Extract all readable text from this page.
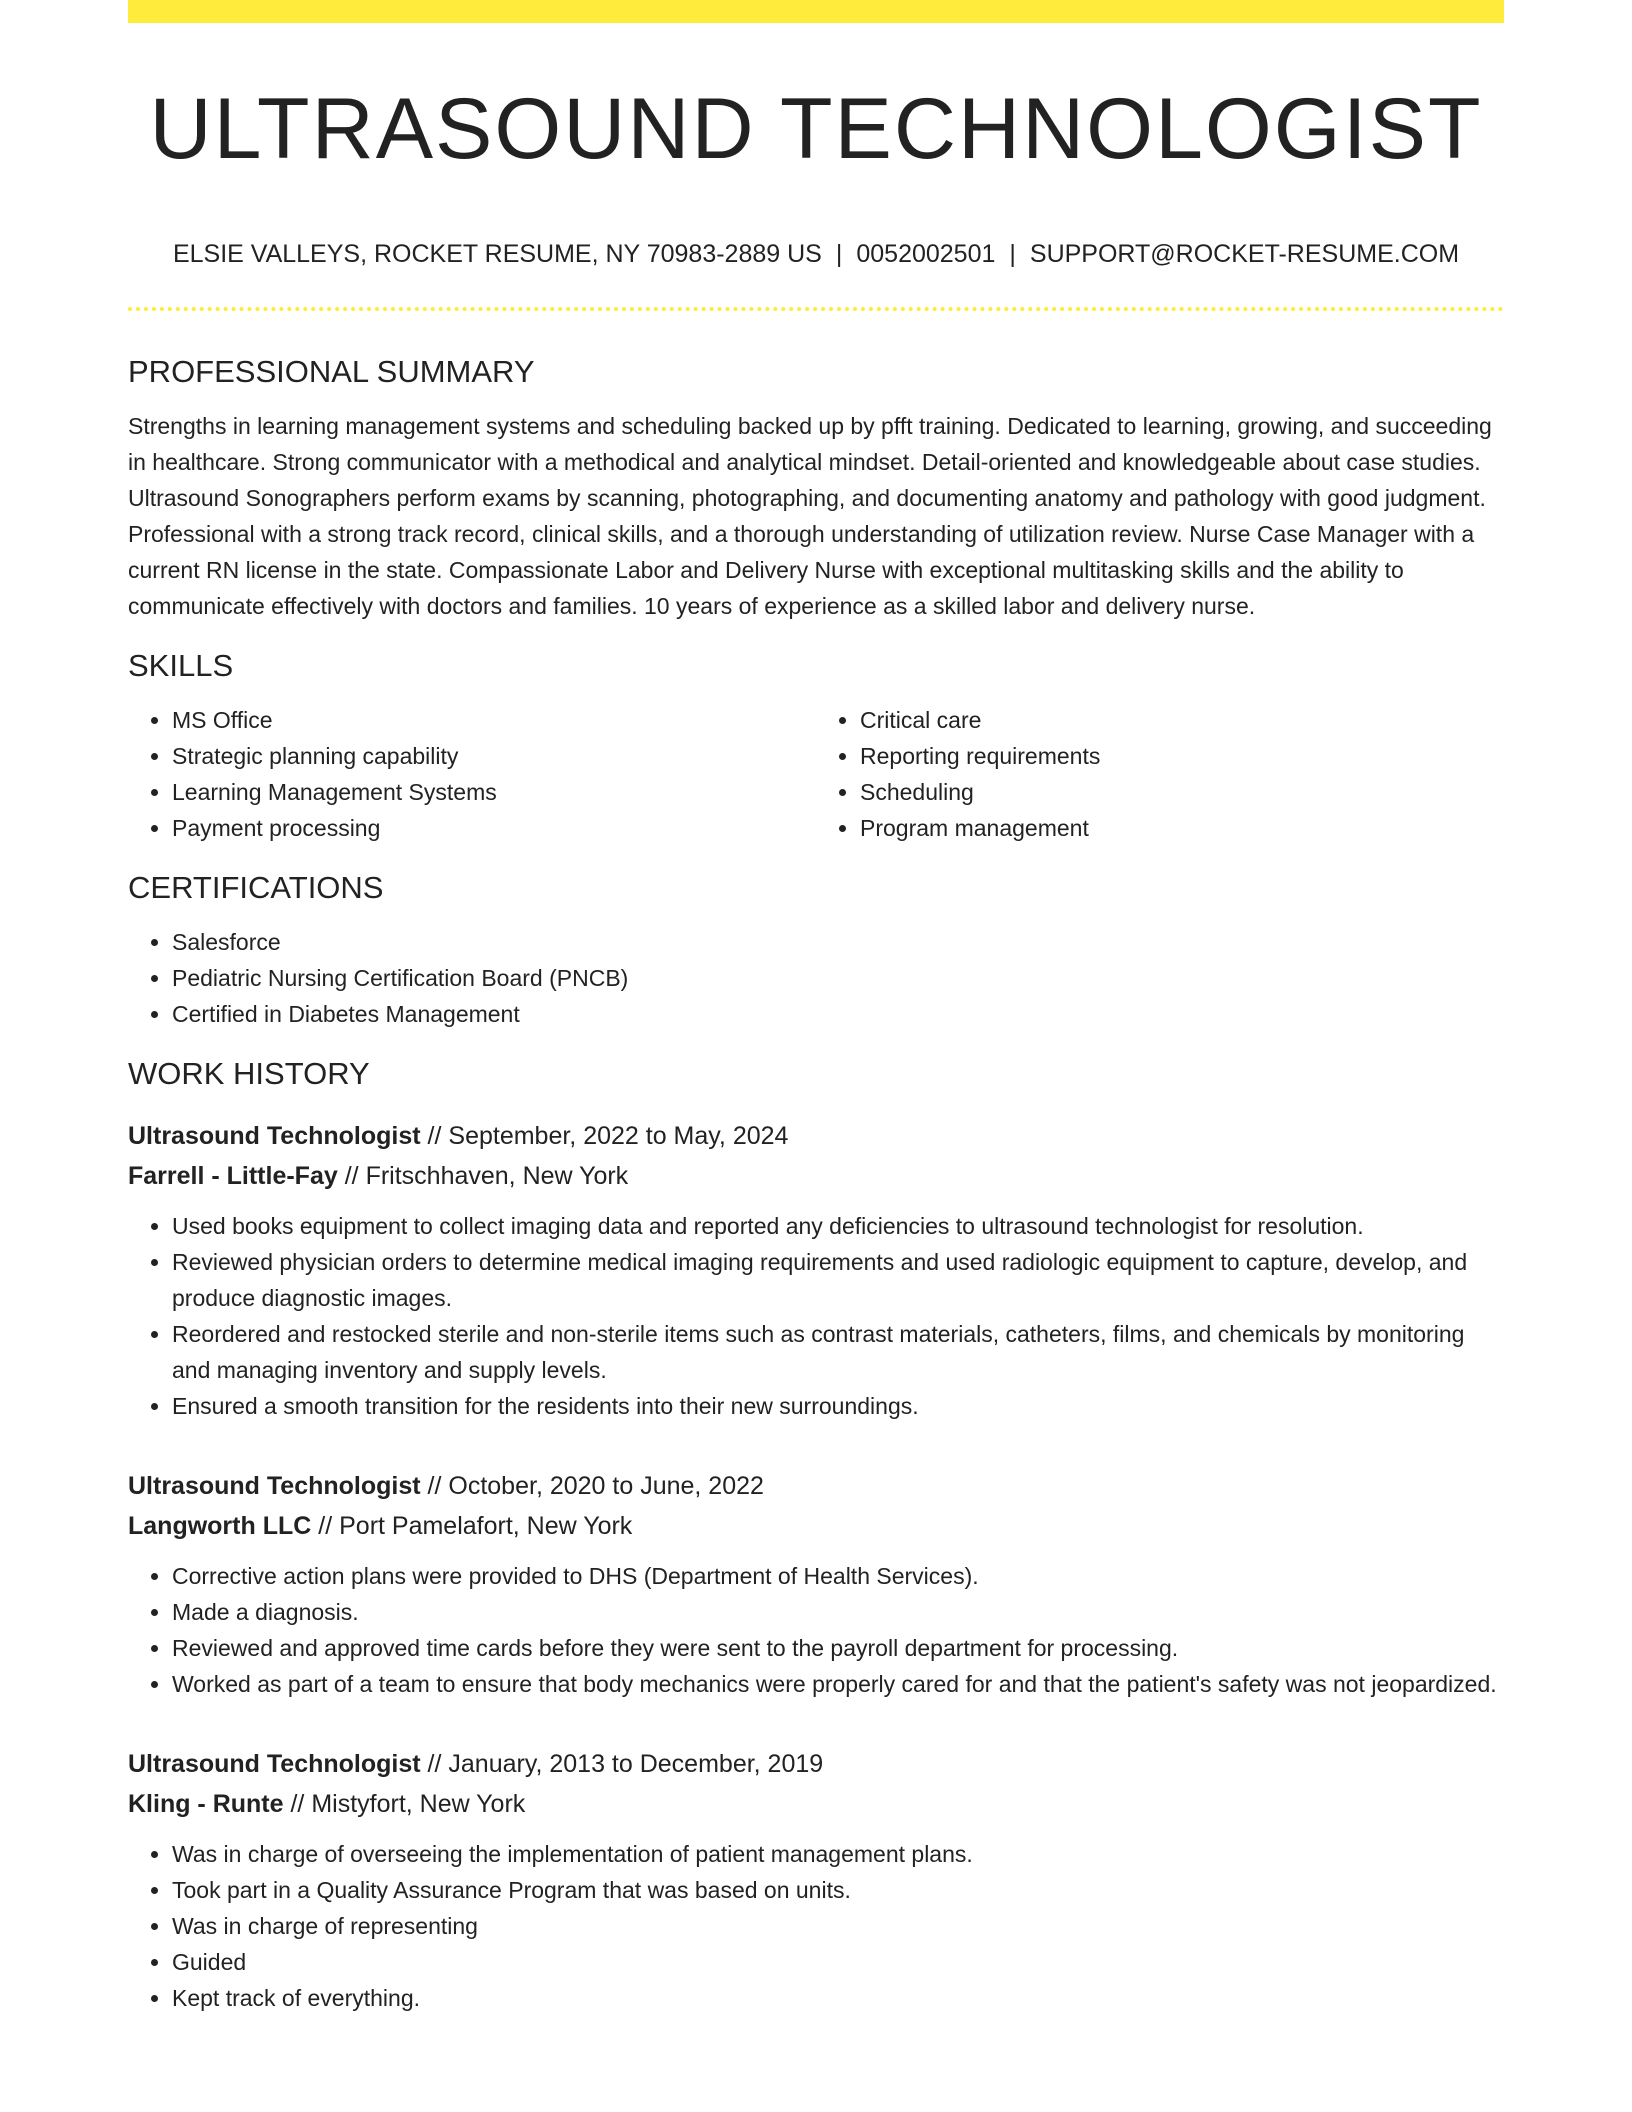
ULTRASOUND TECHNOLOGIST
ELSIE VALLEYS, ROCKET RESUME, NY 70983-2889 US | 0052002501 | SUPPORT@ROCKET-RESUME.COM
PROFESSIONAL SUMMARY

Strengths in learning management systems and scheduling backed up by pfft training. Dedicated to learning, growing, and succeeding in healthcare. Strong communicator with a methodical and analytical mindset. Detail-oriented and knowledgeable about case studies. Ultrasound Sonographers perform exams by scanning, photographing, and documenting anatomy and pathology with good judgment. Professional with a strong track record, clinical skills, and a thorough understanding of utilization review. Nurse Case Manager with a current RN license in the state. Compassionate Labor and Delivery Nurse with exceptional multitasking skills and the ability to communicate effectively with doctors and families. 10 years of experience as a skilled labor and delivery nurse.

SKILLS
• MS Office
• Strategic planning capability
• Learning Management Systems
• Payment processing
• Critical care
• Reporting requirements
• Scheduling
• Program management
CERTIFICATIONS
• Salesforce
• Pediatric Nursing Certification Board (PNCB)
• Certified in Diabetes Management
WORK HISTORY
Ultrasound Technologist // September, 2022 to May, 2024
Farrell - Little-Fay // Fritschhaven, New York
• Used books equipment to collect imaging data and reported any deficiencies to ultrasound technologist for resolution.
• Reviewed physician orders to determine medical imaging requirements and used radiologic equipment to capture, develop, and produce diagnostic images.
• Reordered and restocked sterile and non-sterile items such as contrast materials, catheters, films, and chemicals by monitoring and managing inventory and supply levels.
• Ensured a smooth transition for the residents into their new surroundings.
Ultrasound Technologist // October, 2020 to June, 2022
Langworth LLC // Port Pamelafort, New York
• Corrective action plans were provided to DHS (Department of Health Services).
• Made a diagnosis.
• Reviewed and approved time cards before they were sent to the payroll department for processing.
• Worked as part of a team to ensure that body mechanics were properly cared for and that the patient's safety was not jeopardized.
Ultrasound Technologist // January, 2013 to December, 2019
Kling - Runte // Mistyfort, New York
• Was in charge of overseeing the implementation of patient management plans.
• Took part in a Quality Assurance Program that was based on units.
• Was in charge of representing
• Guided
• Kept track of everything.
